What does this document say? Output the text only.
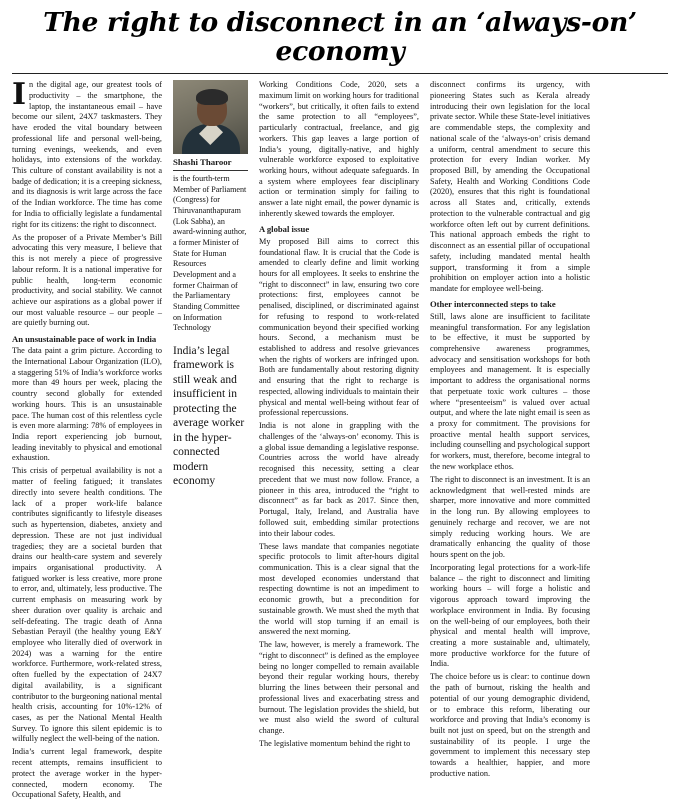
The right to disconnect in an ‘always-on’ economy

In the digital age, our greatest tools of productivity – the smartphone, the laptop, the instantaneous email – have become our silent, 24X7 taskmasters. They have eroded the vital boundary between professional life and personal well-being, turning evenings, weekends, and even holidays, into extensions of the workday. This culture of constant availability is not a badge of dedication; it is a creeping sickness, and its diagnosis is writ large across the face of the Indian workforce. The time has come for India to officially legislate a fundamental right for its citizens: the right to disconnect.

As the proposer of a Private Member’s Bill advocating this very measure, I believe that this is not merely a piece of progressive labour reform. It is a national imperative for public health, long-term economic productivity, and social stability. We cannot achieve our aspirations as a global power if our most valuable resource – our people – are quietly burning out.

An unsustainable pace of work in India

The data paint a grim picture. According to the International Labour Organization (ILO), a staggering 51% of India’s workforce works more than 49 hours per week, placing the country second globally for extended working hours. This is an unsustainable pace. The human cost of this relentless cycle is even more alarming: 78% of employees in India report experiencing job burnout, leading inevitably to physical and emotional exhaustion.

This crisis of perpetual availability is not a matter of feeling fatigued; it translates directly into severe health conditions. The lack of a proper work-life balance contributes significantly to lifestyle diseases such as hypertension, diabetes, anxiety and depression. These are not just individual tragedies; they are a societal burden that drains our health-care system and severely impairs organisational productivity. A fatigued worker is less creative, more prone to error, and, ultimately, less productive. The current emphasis on measuring work by sheer duration over quality is archaic and self-defeating. The tragic death of Anna Sebastian Perayil (the healthy young E&Y employee who literally died of overwork in 2024) was a warning for the entire workforce. Furthermore, work-related stress, often fuelled by the expectation of 24X7 digital availability, is a significant contributor to the burgeoning national mental health crisis, accounting for 10%-12% of cases, as per the National Mental Health Survey. To ignore this silent epidemic is to wilfully neglect the well-being of the nation.

India’s current legal framework, despite recent attempts, remains insufficient to protect the average worker in the hyper-connected, modern economy. The Occupational Safety, Health, and

Shashi Tharoor

is the fourth-term Member of Parliament (Congress) for Thiruvananthapuram (Lok Sabha), an award-winning author, a former Minister of State for Human Resources Development and a former Chairman of the Parliamentary Standing Committee on Information Technology

India’s legal framework is still weak and insufficient in protecting the average worker in the hyper-connected modern economy

Working Conditions Code, 2020, sets a maximum limit on working hours for traditional “workers”, but critically, it often fails to extend the same protection to all “employees”, particularly contractual, freelance, and gig workers. This gap leaves a large portion of India’s young, digitally-native, and highly vulnerable workforce exposed to exploitative working hours, without adequate safeguards. In a system where employees fear disciplinary action or termination simply for failing to answer a late night email, the power dynamic is inherently skewed towards the employer.

A global issue

My proposed Bill aims to correct this foundational flaw. It is crucial that the Code is amended to clearly define and limit working hours for all employees. It seeks to enshrine the “right to disconnect” in law, ensuring two core protections: first, employees cannot be penalised, disciplined, or discriminated against for refusing to respond to work-related communication beyond their specified working hours. Second, a mechanism must be established to address and resolve grievances when the rights of workers are infringed upon. Both are fundamentally about restoring dignity and ensuring that the right to recharge is respected, allowing individuals to maintain their physical and mental well-being without fear of professional repercussions.

India is not alone in grappling with the challenges of the ‘always-on’ economy. This is a global issue demanding a legislative response. Countries across the world have already recognised this necessity, setting a clear precedent that we must now follow. France, a pioneer in this area, introduced the “right to disconnect” as far back as 2017. Since then, Portugal, Italy, Ireland, and Australia have followed suit, embedding similar protections into their labour codes.

These laws mandate that companies negotiate specific protocols to limit after-hours digital communication. This is a clear signal that the most developed economies understand that respecting downtime is not an impediment to economic growth, but a precondition for sustainable growth. We must shed the myth that the world will stop turning if an email is answered the next morning.

The law, however, is merely a framework. The “right to disconnect” is defined as the employee being no longer compelled to remain available beyond their regular working hours, thereby blurring the lines between their personal and professional lives and exacerbating stress and burnout. The legislation provides the shield, but we must also wield the sword of cultural change.

The legislative momentum behind the right to

disconnect confirms its urgency, with pioneering States such as Kerala already introducing their own legislation for the local private sector. While these State-level initiatives are commendable steps, the complexity and national scale of the ‘always-on’ crisis demand a uniform, central amendment to secure this protection for every Indian worker. My proposed Bill, by amending the Occupational Safety, Health and Working Conditions Code (2020), ensures that this right is foundational across all States and, critically, extends protection to the vulnerable contractual and gig workforce often left out by current definitions. This national approach embeds the right to disconnect as an essential pillar of occupational safety, including mandated mental health support, transforming it from a simple prohibition on employer action into a holistic mandate for employee well-being.

Other interconnected steps to take

Still, laws alone are insufficient to facilitate meaningful transformation. For any legislation to be effective, it must be supported by comprehensive awareness programmes, advocacy and sensitisation workshops for both employees and management. It is especially important to address the organisational norms that perpetuate toxic work cultures – those where “presenteeism” is valued over actual output, and where the late night email is seen as a proxy for commitment. The provisions for proactive mental health support services, including counselling and psychological support for workers, must, therefore, become integral to the new workplace ethos.

The right to disconnect is an investment. It is an acknowledgment that well-rested minds are sharper, more innovative and more committed in the long run. By allowing employees to genuinely recharge and recover, we are not simply reducing working hours. We are dramatically enhancing the quality of those hours spent on the job.

Incorporating legal protections for a work-life balance – the right to disconnect and limiting working hours – will forge a holistic and vigorous approach toward improving the workplace environment in India. By focusing on the well-being of our employees, both their physical and mental health will improve, creating a more sustainable and, ultimately, more productive workforce for the future of India.

The choice before us is clear: to continue down the path of burnout, risking the health and potential of our young demographic dividend, or to embrace this reform, liberating our workforce and proving that India’s economy is built not just on speed, but on the strength and sustainability of its people. I urge the government to implement this necessary step towards a healthier, happier, and more productive nation.
